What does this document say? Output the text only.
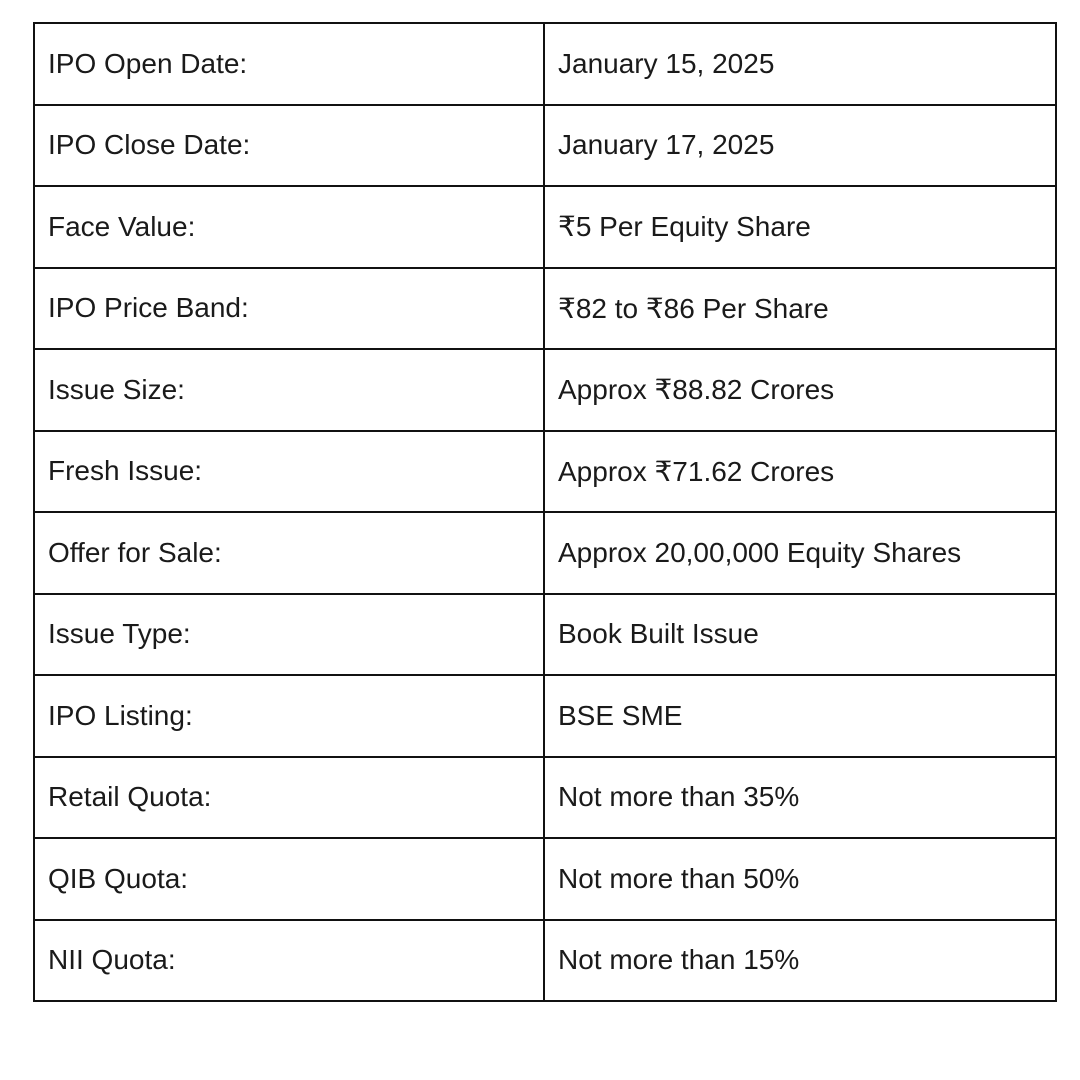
IPO Open Date:	January 15, 2025
IPO Close Date:	January 17, 2025
Face Value:	₹5 Per Equity Share
IPO Price Band:	₹82 to ₹86 Per Share
Issue Size:	Approx ₹88.82 Crores
Fresh Issue:	Approx ₹71.62 Crores
Offer for Sale:	Approx 20,00,000 Equity Shares
Issue Type:	Book Built Issue
IPO Listing:	BSE SME
Retail Quota:	Not more than 35%
QIB Quota:	Not more than 50%
NII Quota:	Not more than 15%
